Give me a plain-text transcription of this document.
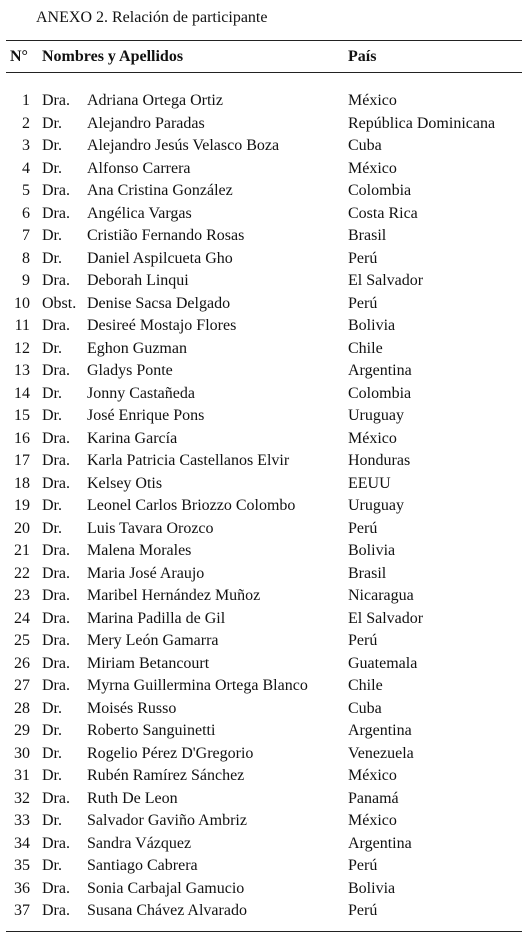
ANEXO 2. Relación de participante
N° Nombres y Apellidos	País
1 Dra. Adriana Ortega Ortiz	México
2 Dr. Alejandro Paradas	República Dominicana
3 Dr. Alejandro Jesús Velasco Boza	Cuba
4 Dr. Alfonso Carrera	México
5 Dra. Ana Cristina González	Colombia
6 Dra. Angélica Vargas	Costa Rica
7 Dr. Cristião Fernando Rosas	Brasil
8 Dr. Daniel Aspilcueta Gho	Perú
9 Dra. Deborah Linqui	El Salvador
10 Obst. Denise Sacsa Delgado	Perú
11 Dra. Desireé Mostajo Flores	Bolivia
12 Dr. Eghon Guzman	Chile
13 Dra. Gladys Ponte	Argentina
14 Dr. Jonny Castañeda	Colombia
15 Dr. José Enrique Pons	Uruguay
16 Dra. Karina García	México
17 Dra. Karla Patricia Castellanos Elvir	Honduras
18 Dra. Kelsey Otis	EEUU
19 Dr. Leonel Carlos Briozzo Colombo	Uruguay
20 Dr. Luis Tavara Orozco	Perú
21 Dra. Malena Morales	Bolivia
22 Dra. Maria José Araujo	Brasil
23 Dra. Maribel Hernández Muñoz	Nicaragua
24 Dra. Marina Padilla de Gil	El Salvador
25 Dra. Mery León Gamarra	Perú
26 Dra. Miriam Betancourt	Guatemala
27 Dra. Myrna Guillermina Ortega Blanco	Chile
28 Dr. Moisés Russo	Cuba
29 Dr. Roberto Sanguinetti	Argentina
30 Dr. Rogelio Pérez D'Gregorio	Venezuela
31 Dr. Rubén Ramírez Sánchez	México
32 Dra. Ruth De Leon	Panamá
33 Dr. Salvador Gaviño Ambriz	México
34 Dra. Sandra Vázquez	Argentina
35 Dr. Santiago Cabrera	Perú
36 Dra. Sonia Carbajal Gamucio	Bolivia
37 Dra. Susana Chávez Alvarado	Perú
